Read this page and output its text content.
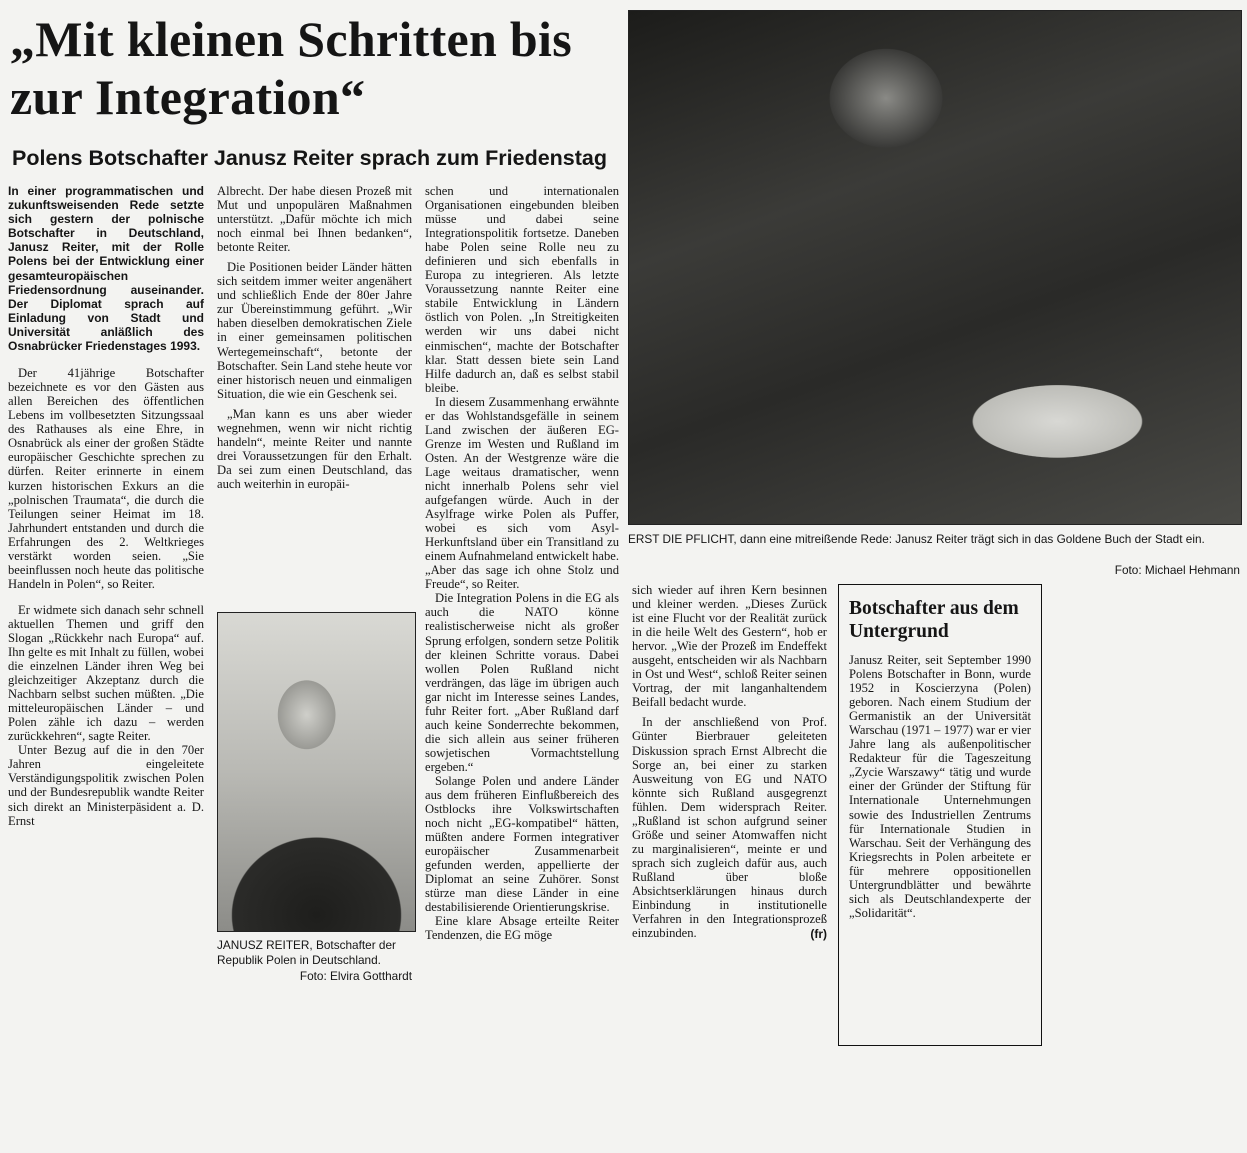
„Mit kleinen Schritten bis zur Integration“
Polens Botschafter Janusz Reiter sprach zum Friedenstag

In einer programmatischen und zukunftsweisenden Rede setzte sich gestern der polnische Botschafter in Deutschland, Janusz Reiter, mit der Rolle Polens bei der Entwicklung einer gesamteuropäischen Friedensordnung auseinander. Der Diplomat sprach auf Einladung von Stadt und Universität anläßlich des Osnabrücker Friedenstages 1993.

Der 41jährige Botschafter bezeichnete es vor den Gästen aus allen Bereichen des öffentlichen Lebens im vollbesetzten Sitzungssaal des Rathauses als eine Ehre, in Osnabrück als einer der großen Städte europäischer Geschichte sprechen zu dürfen. Reiter erinnerte in einem kurzen historischen Exkurs an die „polnischen Traumata“, die durch die Teilungen seiner Heimat im 18. Jahrhundert entstanden und durch die Erfahrungen des 2. Weltkrieges verstärkt worden seien. „Sie beeinflussen noch heute das politische Handeln in Polen“, so Reiter.

Er widmete sich danach sehr schnell aktuellen Themen und griff den Slogan „Rückkehr nach Europa“ auf. Ihn gelte es mit Inhalt zu füllen, wobei die einzelnen Länder ihren Weg bei gleichzeitiger Akzeptanz durch die Nachbarn selbst suchen müßten. „Die mitteleuropäischen Länder – und Polen zähle ich dazu – werden zurückkehren“, sagte Reiter.

Unter Bezug auf die in den 70er Jahren eingeleitete Verständigungspolitik zwischen Polen und der Bundesrepublik wandte Reiter sich direkt an Ministerpäsident a. D. Ernst

Albrecht. Der habe diesen Prozeß mit Mut und unpopulären Maßnahmen unterstützt. „Dafür möchte ich mich noch einmal bei Ihnen bedanken“, betonte Reiter.

Die Positionen beider Länder hätten sich seitdem immer weiter angenähert und schließlich Ende der 80er Jahre zur Übereinstimmung geführt. „Wir haben dieselben demokratischen Ziele in einer gemeinsamen politischen Wertegemeinschaft“, betonte der Botschafter. Sein Land stehe heute vor einer historisch neuen und einmaligen Situation, die wie ein Geschenk sei.

„Man kann es uns aber wieder wegnehmen, wenn wir nicht richtig handeln“, meinte Reiter und nannte drei Voraussetzungen für den Erhalt. Da sei zum einen Deutschland, das auch weiterhin in europäi-

JANUSZ REITER, Botschafter der Republik Polen in Deutschland.
Foto: Elvira Gotthardt

schen und internationalen Organisationen eingebunden bleiben müsse und dabei seine Integrationspolitik fortsetze. Daneben habe Polen seine Rolle neu zu definieren und sich ebenfalls in Europa zu integrieren. Als letzte Voraussetzung nannte Reiter eine stabile Entwicklung in Ländern östlich von Polen. „In Streitigkeiten werden wir uns dabei nicht einmischen“, machte der Botschafter klar. Statt dessen biete sein Land Hilfe dadurch an, daß es selbst stabil bleibe.

In diesem Zusammenhang erwähnte er das Wohlstandsgefälle in seinem Land zwischen der äußeren EG-Grenze im Westen und Rußland im Osten. An der Westgrenze wäre die Lage weitaus dramatischer, wenn nicht innerhalb Polens sehr viel aufgefangen würde. Auch in der Asylfrage wirke Polen als Puffer, wobei es sich vom Asyl-Herkunftsland über ein Transitland zu einem Aufnahmeland entwickelt habe. „Aber das sage ich ohne Stolz und Freude“, so Reiter.

Die Integration Polens in die EG als auch die NATO könne realistischerweise nicht als großer Sprung erfolgen, sondern setze Politik der kleinen Schritte voraus. Dabei wollen Polen Rußland nicht verdrängen, das läge im übrigen auch gar nicht im Interesse seines Landes, fuhr Reiter fort. „Aber Rußland darf auch keine Sonderrechte bekommen, die sich allein aus seiner früheren sowjetischen Vormachtstellung ergeben.“

Solange Polen und andere Länder aus dem früheren Einflußbereich des Ostblocks ihre Volkswirtschaften noch nicht „EG-kompatibel“ hätten, müßten andere Formen integrativer europäischer Zusammenarbeit gefunden werden, appellierte der Diplomat an seine Zuhörer. Sonst stürze man diese Länder in eine destabilisierende Orientierungskrise.

Eine klare Absage erteilte Reiter Tendenzen, die EG möge

ERST DIE PFLICHT, dann eine mitreißende Rede: Janusz Reiter trägt sich in das Goldene Buch der Stadt ein.
Foto: Michael Hehmann

sich wieder auf ihren Kern besinnen und kleiner werden. „Dieses Zurück ist eine Flucht vor der Realität zurück in die heile Welt des Gestern“, hob er hervor. „Wie der Prozeß im Endeffekt ausgeht, entscheiden wir als Nachbarn in Ost und West“, schloß Reiter seinen Vortrag, der mit langanhaltendem Beifall bedacht wurde.

In der anschließend von Prof. Günter Bierbrauer geleiteten Diskussion sprach Ernst Albrecht die Sorge an, bei einer zu starken Ausweitung von EG und NATO könnte sich Rußland ausgegrenzt fühlen. Dem widersprach Reiter. „Rußland ist schon aufgrund seiner Größe und seiner Atomwaffen nicht zu marginalisieren“, meinte er und sprach sich zugleich dafür aus, auch Rußland über bloße Absichtserklärungen hinaus durch Einbindung in institutionelle Verfahren in den Integrationsprozeß einzubinden.	(fr)
Botschafter aus dem Untergrund

Janusz Reiter, seit September 1990 Polens Botschafter in Bonn, wurde 1952 in Koscierzyna (Polen) geboren. Nach einem Studium der Germanistik an der Universität Warschau (1971 – 1977) war er vier Jahre lang als außenpolitischer Redakteur für die Tageszeitung „Zycie Warszawy“ tätig und wurde einer der Gründer der Stiftung für Internationale Unternehmungen sowie des Industriellen Zentrums für Internationale Studien in Warschau. Seit der Verhängung des Kriegsrechts in Polen arbeitete er für mehrere oppositionellen Untergrundblätter und bewährte sich als Deutschlandexperte der „Solidarität“.
